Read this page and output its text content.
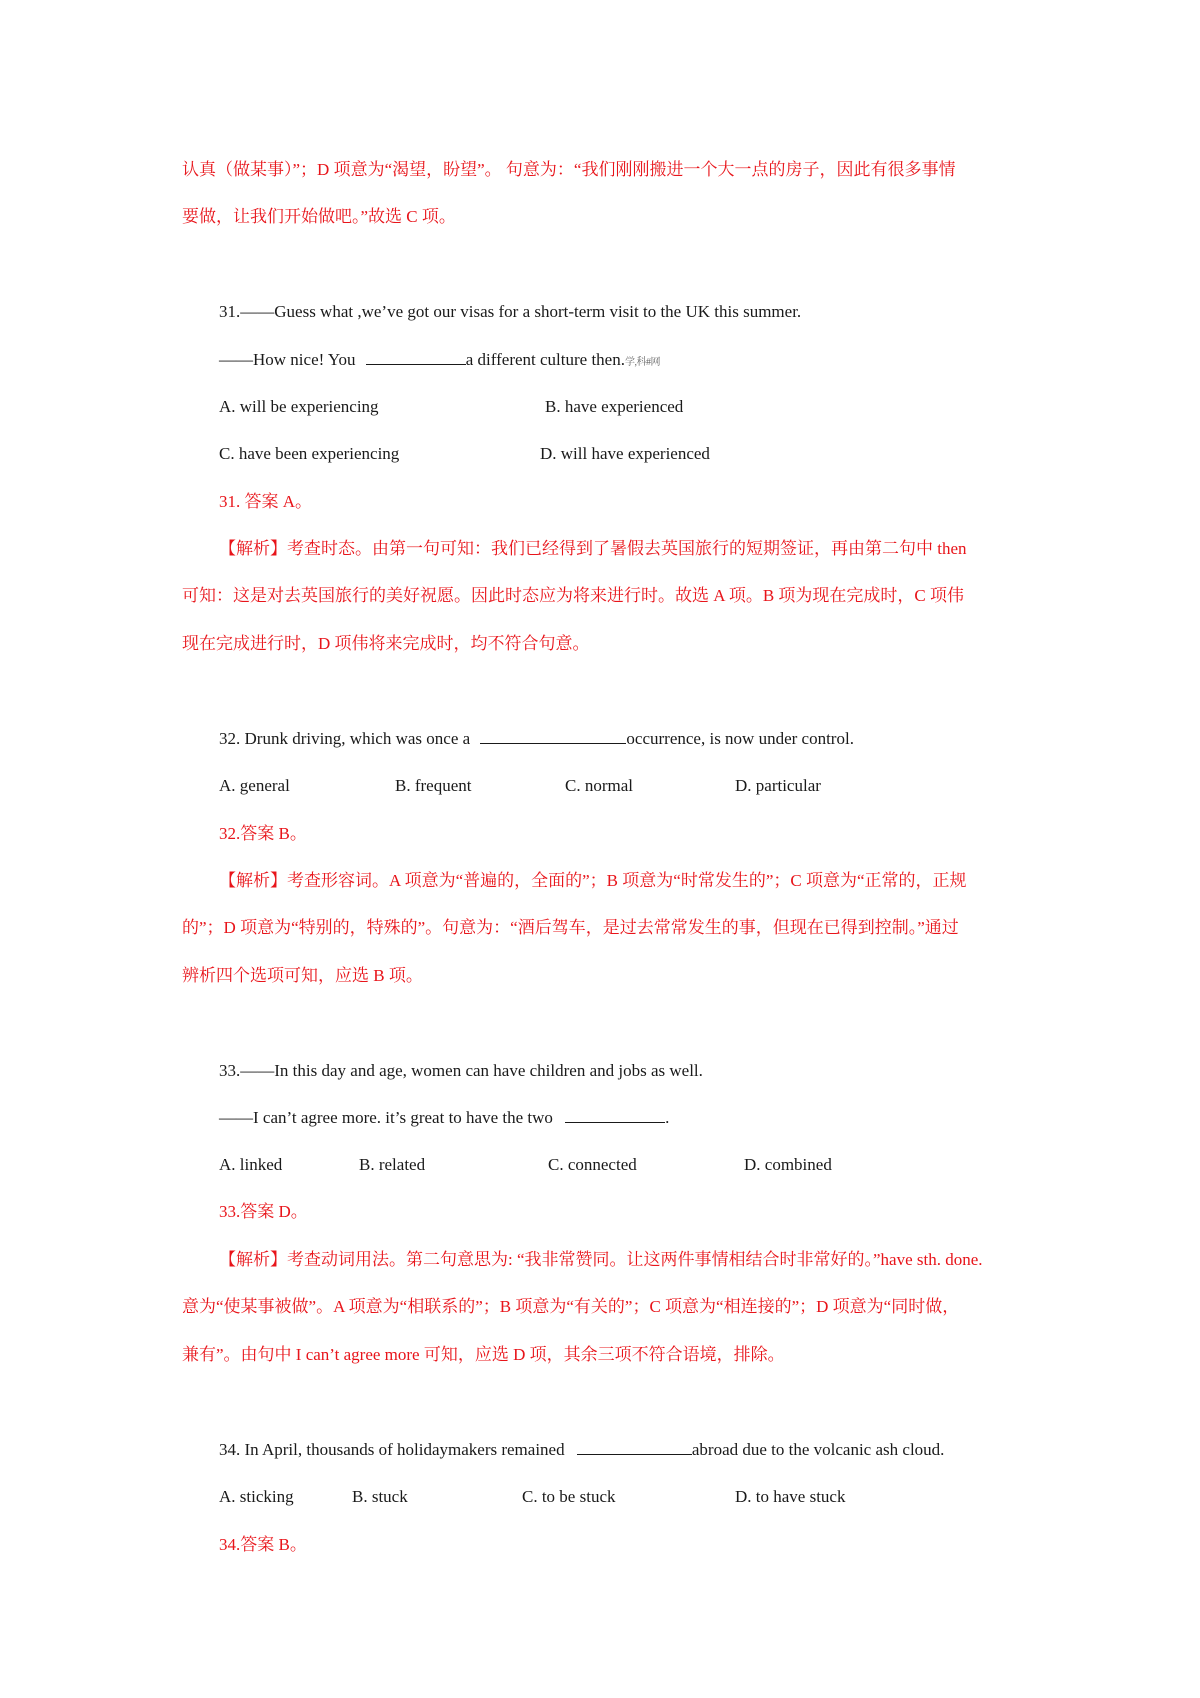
认真（做某事）”；D 项意为“渴望，盼望”。 句意为：“我们刚刚搬进一个大一点的房子，因此有很多事情
要做，让我们开始做吧。”故选 C 项。
31.——Guess what ,we’ve got our visas for a short-term visit to the UK this summer.
——How nice! You	a different culture then.学,科#网
A. will be experiencing	B. have experienced
C. have been experiencing	D. will have experienced
31. 答案 A。
【解析】考查时态。由第一句可知：我们已经得到了暑假去英国旅行的短期签证，再由第二句中 then
可知：这是对去英国旅行的美好祝愿。因此时态应为将来进行时。故选 A 项。B 项为现在完成时，C 项伟
现在完成进行时，D 项伟将来完成时，均不符合句意。
32. Drunk driving, which was once a	occurrence, is now under control.
A. general	B. frequent	C. normal	D. particular
32.答案 B。
【解析】考查形容词。A 项意为“普遍的，全面的”；B 项意为“时常发生的”；C 项意为“正常的，正规
的”；D 项意为“特别的，特殊的”。句意为：“酒后驾车，是过去常常发生的事，但现在已得到控制。”通过
辨析四个选项可知，应选 B 项。
33.——In this day and age, women can have children and jobs as well.
——I can’t agree more. it’s great to have the two	.
A. linked	B. related	C. connected	D. combined
33.答案 D。
【解析】考查动词用法。第二句意思为: “我非常赞同。让这两件事情相结合时非常好的。”have sth. done.
意为“使某事被做”。A 项意为“相联系的”；B 项意为“有关的”；C 项意为“相连接的”；D 项意为“同时做，
兼有”。由句中 I can’t agree more 可知，应选 D 项，其余三项不符合语境，排除。
34. In April, thousands of holidaymakers remained	abroad due to the volcanic ash cloud.
A. sticking	B. stuck	C. to be stuck	D. to have stuck
34.答案 B。
